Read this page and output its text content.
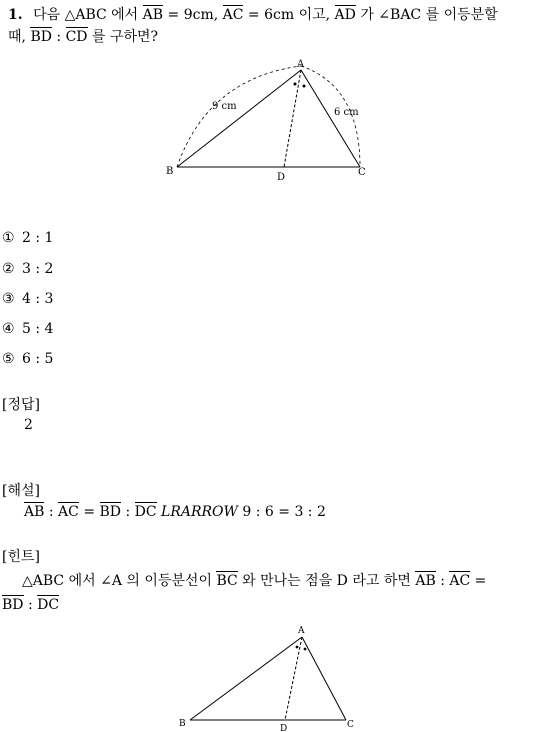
1. 다음 △ABC 에서 AB = 9cm, AC = 6cm 이고, AD 가 ∠BAC 를 이등분할
때, BD : CD 를 구하면?
A
B	C
D
9 cm
6 cm
① 2 : 1
② 3 : 2
③ 4 : 3
④ 5 : 4
⑤ 6 : 5
[정답]
2
[해설]
AB : AC = BD : DC LRARROW 9 : 6 = 3 : 2
[힌트]
△ABC 에서 ∠A 의 이등분선이 BC 와 만나는 점을 D 라고 하면 AB : AC =
BD : DC
A
B	C
D
